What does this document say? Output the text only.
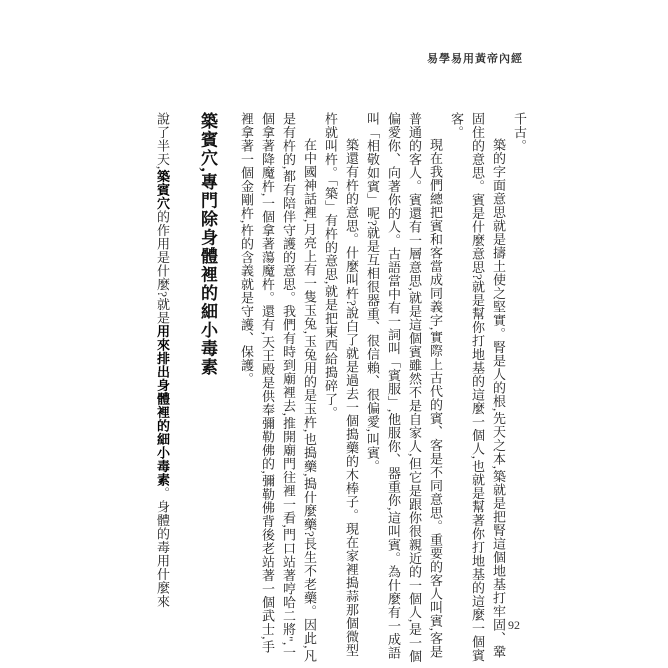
易學易用黃帝內經

千古。

築的字面意思就是擣土使之堅實。腎是人的根,先天之本,築就是把腎這個地基打牢固、鞏固住的意思。賓是什麼意思?就是幫你打地基的這麼一個人,也就是幫著你打地基的這麼一個賓客。

現在我們總把賓和客當成同義字,實際上古代的賓、客是不同意思。重要的客人叫賓,客是普通的客人。賓還有一層意思,就是這個賓雖然不是自家人,但它是跟你很親近的一個人,是一個偏愛你、向著你的人。古語當中有一詞叫「賓服」,他服你、器重你,這叫賓。為什麼有一成語叫「相敬如賓」呢?就是互相很器重、很信賴、很偏愛,叫賓。

築還有杵的意思。什麼叫杵?說白了就是過去一個搗藥的木棒子。現在家裡搗蒜那個微型杵就叫杵。「築」有杵的意思,就是把東西給搗碎了。

在中國神話裡,月亮上有一隻玉兔,玉兔用的是玉杵,也搗藥,搗什麼藥?長生不老藥。因此,凡是有杵的,都有陪伴守護的意思。我們有時到廟裡去,推開廟門往裡一看,門口站著哼哈二將",一個拿著降魔杵,一個拿著蕩魔杵。還有,天王殿是供奉彌勒佛的,彌勒佛背後老站著一個武士,手裡拿著一個金剛杵,杵的含義就是守護、保護。

築賓穴,專門除身體裡的細小毒素

說了半天,築賓穴的作用是什麼?就是用來排出身體裡的細小毒素。身體的毒用什麼來

92
